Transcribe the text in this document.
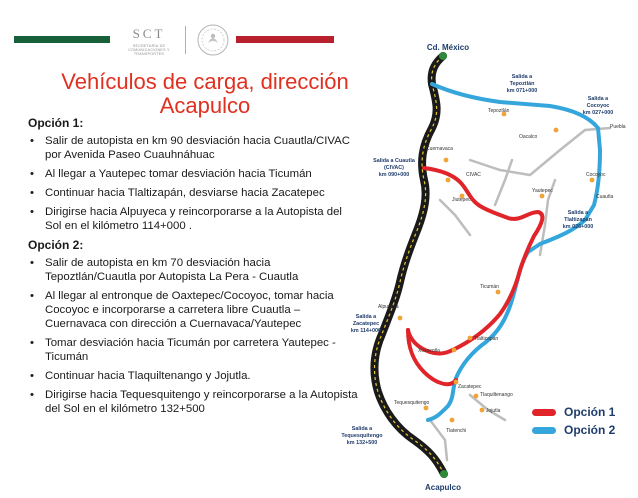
SCT
SECRETARÍA DE COMUNICACIONES Y TRANSPORTES
Vehículos de carga, dirección
Acapulco
Opción 1:
• Salir de autopista en km 90 desviación hacia Cuautla/CIVAC por Avenida Paseo Cuauhnáhuac
• Al llegar a Yautepec tomar desviación hacia Ticumán
• Continuar hacia Tlaltizapán, desviarse hacia Zacatepec
• Dirigirse hacia Alpuyeca y reincorporarse a la Autopista del Sol en el kilómetro 114+000 .
Opción 2:
• Salir de autopista en km 70 desviación hacia Tepoztlán/Cuautla por Autopista La Pera - Cuautla
• Al llegar al entronque de Oaxtepec/Cocoyoc, tomar hacia Cocoyoc e incorporarse a carretera libre Cuautla – Cuernavaca con dirección a Cuernavaca/Yautepec
• Tomar desviación hacia Ticumán por carretera Yautepec - Ticumán
• Continuar hacia Tlaquiltenango y Jojutla.
• Dirigirse hacia Tequesquitengo y reincorporarse a la Autopista del Sol en el kilómetro 132+500
Cd. México
Acapulco
Tepoztlán
Oacalco
Puebla
Cuernavaca
CIVAC
Jiutepec
Yautepec
Cocoyoc
Cuautla
Ticumán
Alpuyeca
Xoxocotla
Tlaltizapán
Zacatepec
Tlaquiltenango
Tequesquitengo
Jojutla
Tlatenchi
Salida a
Tepoztlán
km 071+000
Salida a
Cocoyoc
km 027+000
Salida a Cuautla
(CIVAC)
km 090+000
Salida a
Tlaltizapán
km 026+000
Salida a
Zacatepec
km 114+000
Salida a
Tequesquitengo
km 132+500
Opción 1
Opción 2
